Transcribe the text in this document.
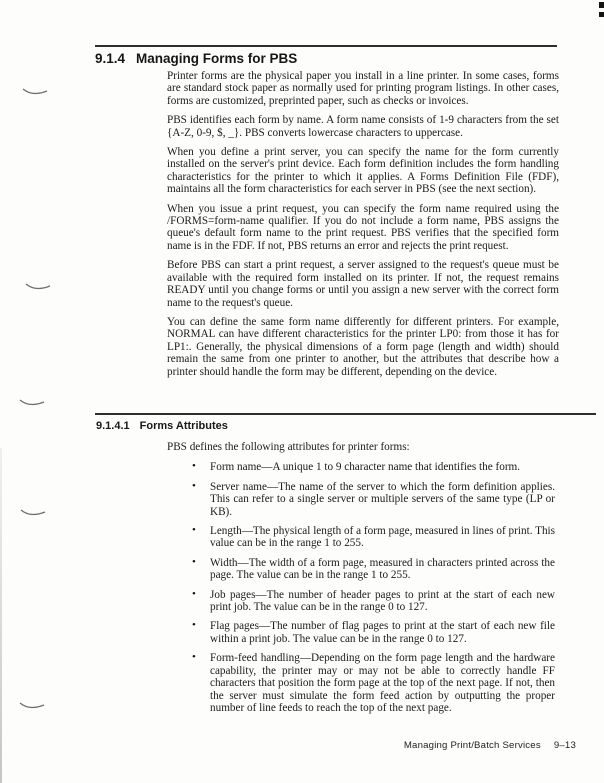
9.1.4 Managing Forms for PBS

Printer forms are the physical paper you install in a line printer. In some cases, forms are standard stock paper as normally used for printing program listings. In other cases, forms are customized, preprinted paper, such as checks or invoices.

PBS identifies each form by name. A form name consists of 1-9 characters from the set {A-Z, 0-9, $, _}. PBS converts lowercase characters to uppercase.

When you define a print server, you can specify the name for the form currently installed on the server's print device. Each form definition includes the form handling characteristics for the printer to which it applies. A Forms Definition File (FDF), maintains all the form characteristics for each server in PBS (see the next section).

When you issue a print request, you can specify the form name required using the /FORMS=form-name qualifier. If you do not include a form name, PBS assigns the queue's default form name to the print request. PBS verifies that the specified form name is in the FDF. If not, PBS returns an error and rejects the print request.

Before PBS can start a print request, a server assigned to the request's queue must be available with the required form installed on its printer. If not, the request remains READY until you change forms or until you assign a new server with the correct form name to the request's queue.

You can define the same form name differently for different printers. For example, NORMAL can have different characteristics for the printer LP0: from those it has for LP1:. Generally, the physical dimensions of a form page (length and width) should remain the same from one printer to another, but the attributes that describe how a printer should handle the form may be different, depending on the device.

9.1.4.1 Forms Attributes

PBS defines the following attributes for printer forms:

• Form name—A unique 1 to 9 character name that identifies the form.
• Server name—The name of the server to which the form definition applies. This can refer to a single server or multiple servers of the same type (LP or KB).
• Length—The physical length of a form page, measured in lines of print. This value can be in the range 1 to 255.
• Width—The width of a form page, measured in characters printed across the page. The value can be in the range 1 to 255.
• Job pages—The number of header pages to print at the start of each new print job. The value can be in the range 0 to 127.
• Flag pages—The number of flag pages to print at the start of each new file within a print job. The value can be in the range 0 to 127.
• Form-feed handling—Depending on the form page length and the hardware capability, the printer may or may not be able to correctly handle FF characters that position the form page at the top of the next page. If not, then the server must simulate the form feed action by outputting the proper number of line feeds to reach the top of the next page.
Managing Print/Batch Services 9–13
